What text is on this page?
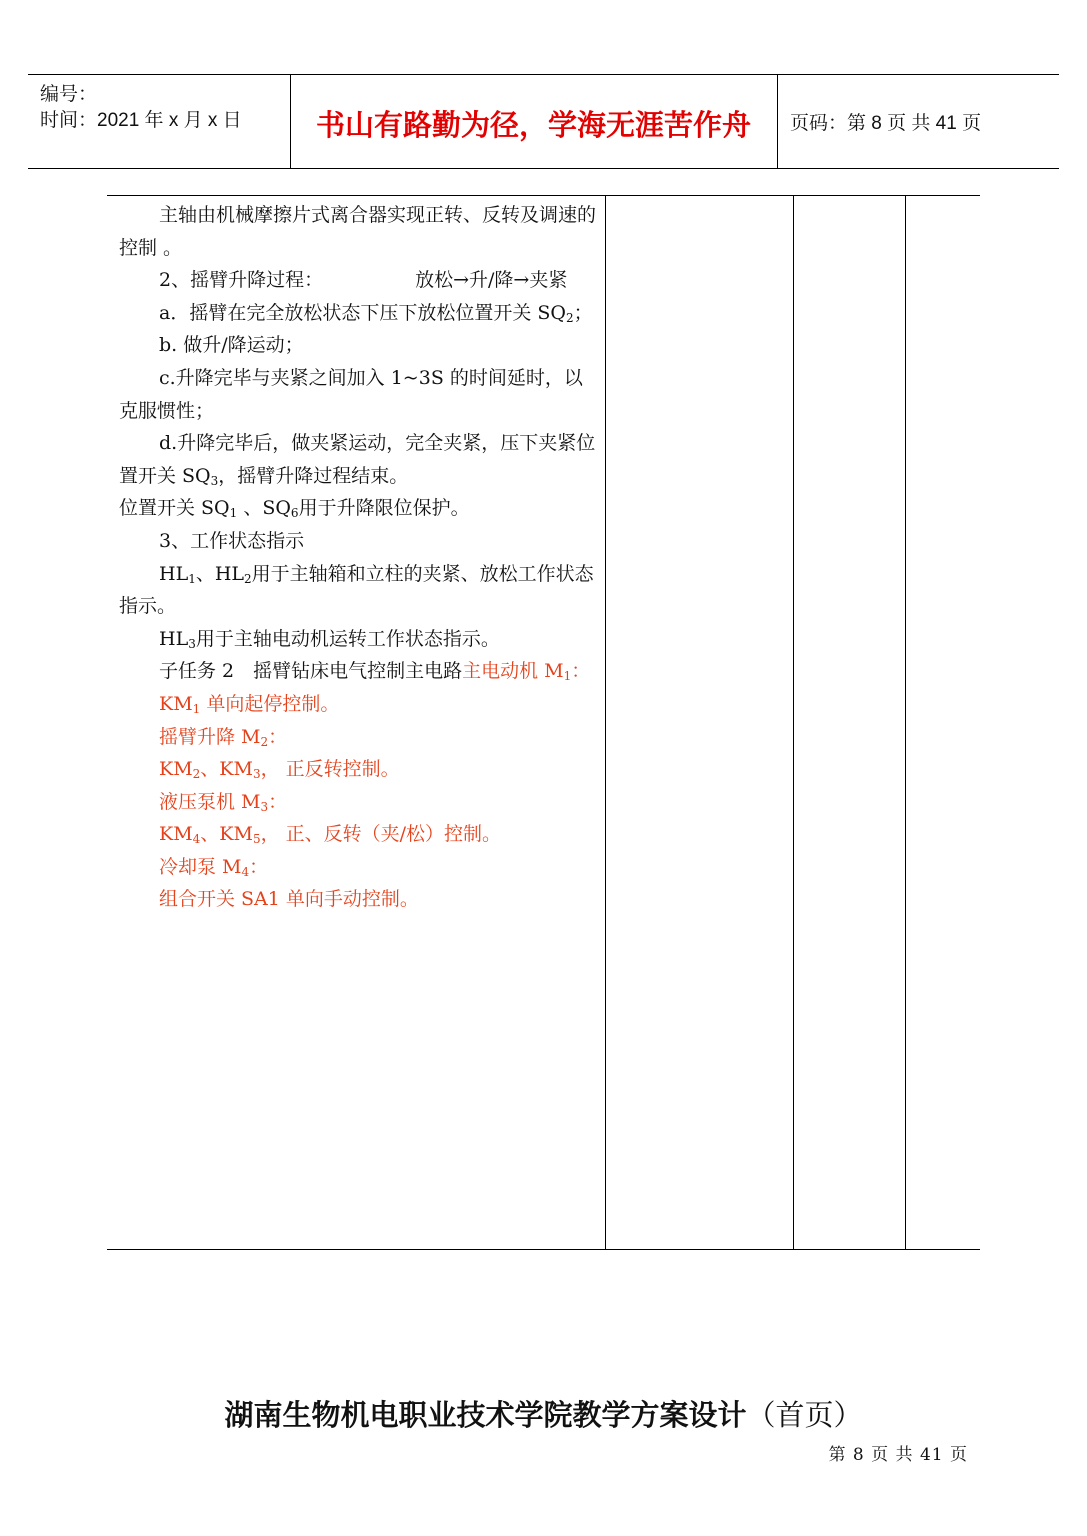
编号：
时间：2021 年 x 月 x 日	书山有路勤为径，学海无涯苦作舟	页码：第 8 页 共 41 页

主轴由机械摩擦片式离合器实现正转、反转及调速的控制 。

2、摇臂升降过程：	放松→升/降→夹紧

a．摇臂在完全放松状态下压下放松位置开关 $SQ_2$；

b. 做升/降运动；

c.升降完毕与夹紧之间加入 1~3S 的时间延时，以克服惯性；

d.升降完毕后，做夹紧运动，完全夹紧，压下夹紧位置开关 $SQ_3$，摇臂升降过程结束。

位置开关 $SQ_1$ 、$SQ_6$用于升降限位保护。

3、工作状态指示

$HL_1$、$HL_2$用于主轴箱和立柱的夹紧、放松工作状态指示。

$HL_3$用于主轴电动机运转工作状态指示。

子任务 2　摇臂钻床电气控制主电路主电动机 $M_1$：

$KM_1$ 单向起停控制。

摇臂升降 $M_2$：

$KM_2$、$KM_3$， 正反转控制。

液压泵机 $M_3$：

$KM_4$、$KM_5$， 正、反转（夹/松）控制。

冷却泵 $M_4$：

组合开关 SA1 单向手动控制。

湖南生物机电职业技术学院教学方案设计（首页）
第 8 页 共 41 页
